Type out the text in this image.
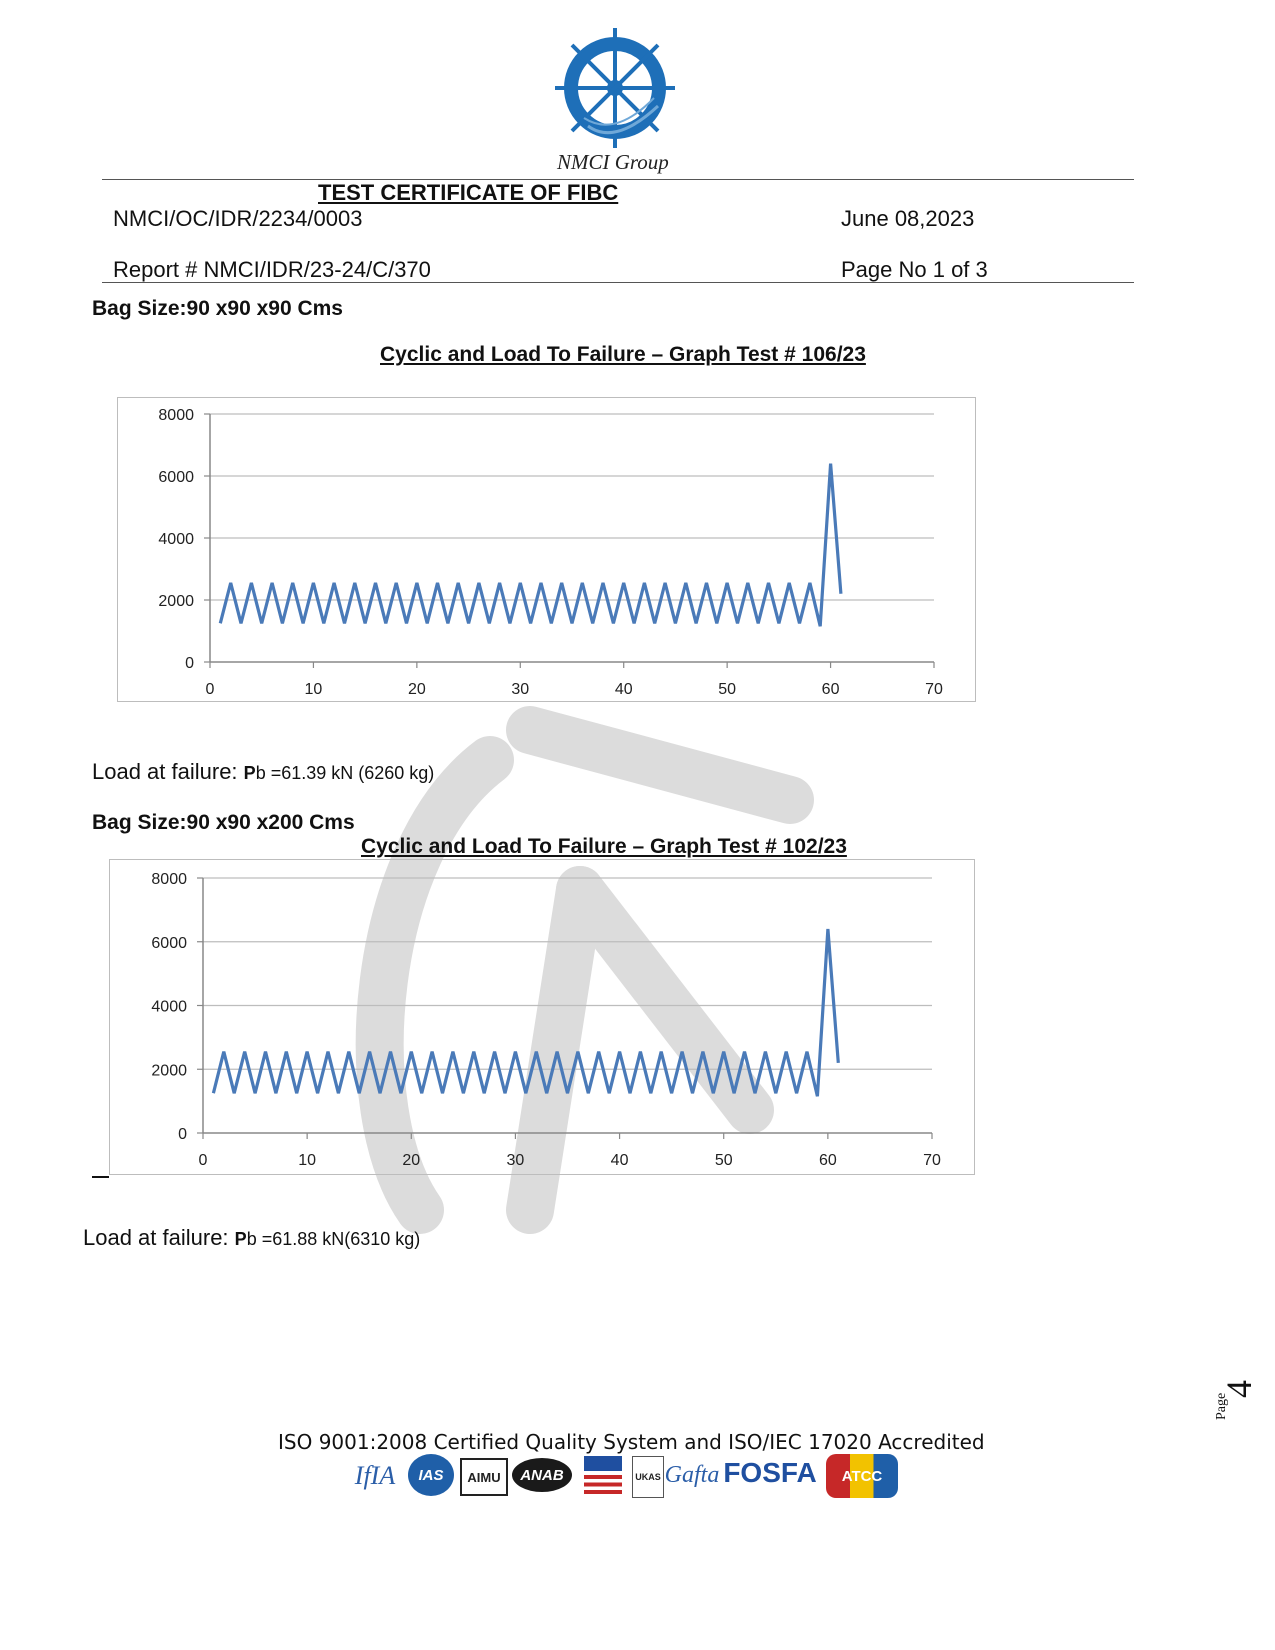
NMCI Group
TEST CERTIFICATE OF FIBC
NMCI/OC/IDR/2234/0003	June 08,2023
Report # NMCI/IDR/23-24/C/370	Page No 1 of 3
Bag Size:90 x90 x90 Cms
Cyclic and Load To Failure – Graph Test # 106/23
0
2000
4000
6000
8000
0	10	20	30	40	50	60	70
Load at failure: Pb =61.39 kN (6260 kg)
Bag Size:90 x90 x200 Cms
Cyclic and Load To Failure – Graph Test # 102/23
0
2000
4000
6000
8000
0	10	20	30	40	50	60	70
Load at failure: Pb =61.88 kN(6310 kg)
Page
4
ISO 9001:2008 Certified Quality System and ISO/IEC 17020 Accredited
IfIA	IAS	AIMU	ANAB	UKAS Gafta FOSFA	ATCC
